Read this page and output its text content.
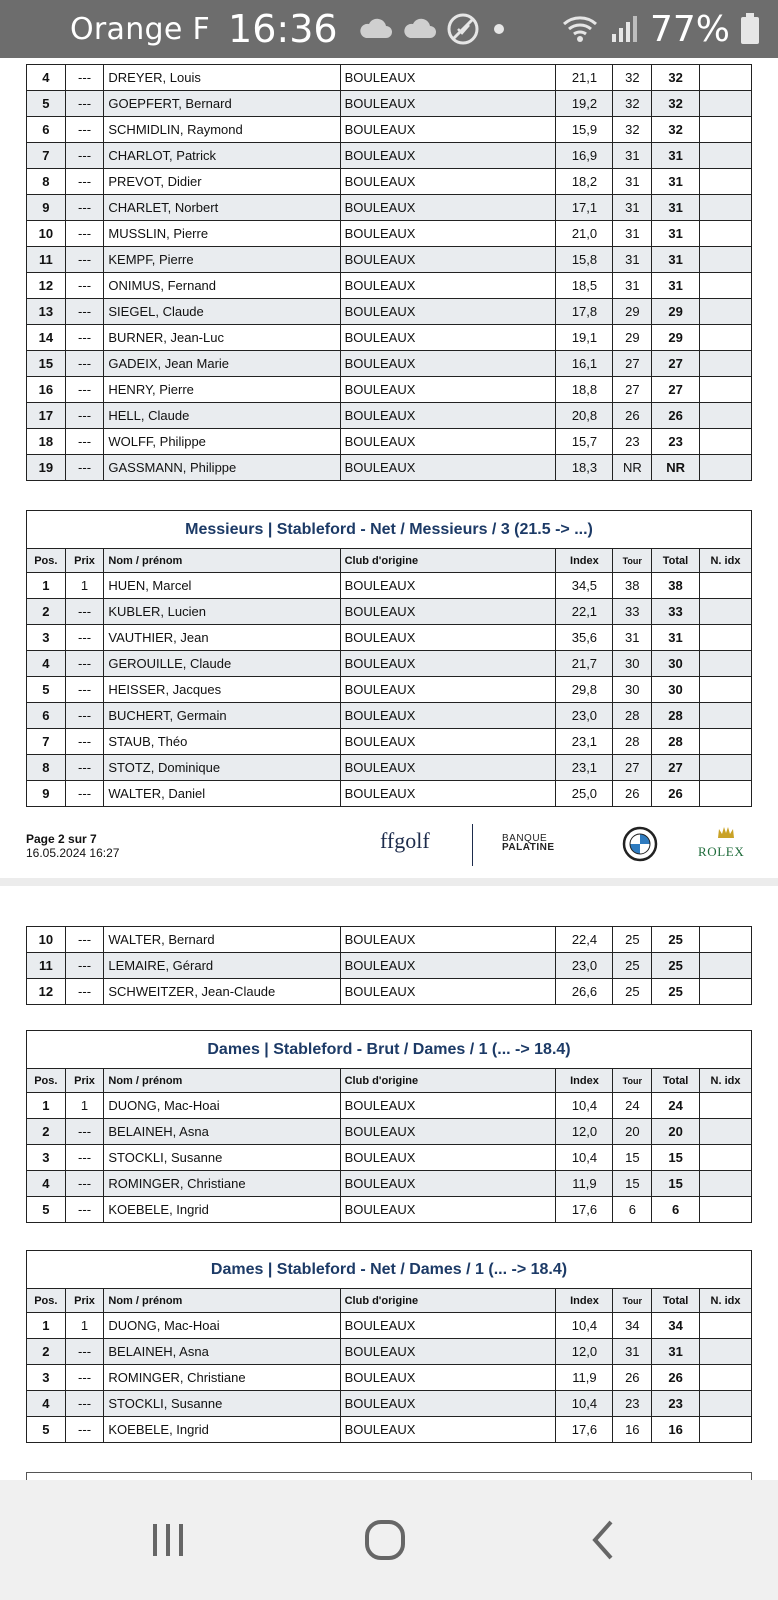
Orange F 16:36	77%
4	---	DREYER, Louis	BOULEAUX	21,1	32	32	
5	---	GOEPFERT, Bernard	BOULEAUX	19,2	32	32	
6	---	SCHMIDLIN, Raymond	BOULEAUX	15,9	32	32	
7	---	CHARLOT, Patrick	BOULEAUX	16,9	31	31	
8	---	PREVOT, Didier	BOULEAUX	18,2	31	31	
9	---	CHARLET, Norbert	BOULEAUX	17,1	31	31	
10	---	MUSSLIN, Pierre	BOULEAUX	21,0	31	31	
11	---	KEMPF, Pierre	BOULEAUX	15,8	31	31	
12	---	ONIMUS, Fernand	BOULEAUX	18,5	31	31	
13	---	SIEGEL, Claude	BOULEAUX	17,8	29	29	
14	---	BURNER, Jean-Luc	BOULEAUX	19,1	29	29	
15	---	GADEIX, Jean Marie	BOULEAUX	16,1	27	27	
16	---	HENRY, Pierre	BOULEAUX	18,8	27	27	
17	---	HELL, Claude	BOULEAUX	20,8	26	26	
18	---	WOLFF, Philippe	BOULEAUX	15,7	23	23	
19	---	GASSMANN, Philippe	BOULEAUX	18,3	NR	NR	
Messieurs | Stableford - Net / Messieurs / 3 (21.5 -> ...)							
Pos.	Prix	Nom / prénom	Club d'origine	Index	Tour	Total	N. idx
1	1	HUEN, Marcel	BOULEAUX	34,5	38	38	
2	---	KUBLER, Lucien	BOULEAUX	22,1	33	33	
3	---	VAUTHIER, Jean	BOULEAUX	35,6	31	31	
4	---	GEROUILLE, Claude	BOULEAUX	21,7	30	30	
5	---	HEISSER, Jacques	BOULEAUX	29,8	30	30	
6	---	BUCHERT, Germain	BOULEAUX	23,0	28	28	
7	---	STAUB, Théo	BOULEAUX	23,1	28	28	
8	---	STOTZ, Dominique	BOULEAUX	23,1	27	27	
9	---	WALTER, Daniel	BOULEAUX	25,0	26	26	
Page 2 sur 7
16.05.2024 16:27	ffgolf	BANQUE
PALATINE	ROLEX
10	---	WALTER, Bernard	BOULEAUX	22,4	25	25	
11	---	LEMAIRE, Gérard	BOULEAUX	23,0	25	25	
12	---	SCHWEITZER, Jean-Claude	BOULEAUX	26,6	25	25	
Dames | Stableford - Brut / Dames / 1 (... -> 18.4)							
Pos.	Prix	Nom / prénom	Club d'origine	Index	Tour	Total	N. idx
1	1	DUONG, Mac-Hoai	BOULEAUX	10,4	24	24	
2	---	BELAINEH, Asna	BOULEAUX	12,0	20	20	
3	---	STOCKLI, Susanne	BOULEAUX	10,4	15	15	
4	---	ROMINGER, Christiane	BOULEAUX	11,9	15	15	
5	---	KOEBELE, Ingrid	BOULEAUX	17,6	6	6	
Dames | Stableford - Net / Dames / 1 (... -> 18.4)							
Pos.	Prix	Nom / prénom	Club d'origine	Index	Tour	Total	N. idx
1	1	DUONG, Mac-Hoai	BOULEAUX	10,4	34	34	
2	---	BELAINEH, Asna	BOULEAUX	12,0	31	31	
3	---	ROMINGER, Christiane	BOULEAUX	11,9	26	26	
4	---	STOCKLI, Susanne	BOULEAUX	10,4	23	23	
5	---	KOEBELE, Ingrid	BOULEAUX	17,6	16	16	
